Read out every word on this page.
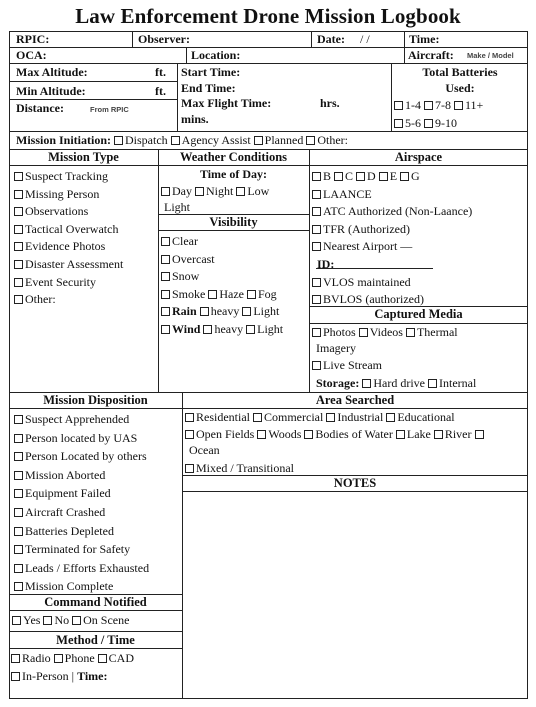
Law Enforcement Drone Mission Logbook
RPIC:	Observer:	Date: / /	Time:
OCA:	Location:	Aircraft: Make / Model
Max Altitude:	ft.
Min Altitude:	ft.
Distance:	From RPIC
Start Time:
End Time:
Max Flight Time:	hrs.
mins.
Total Batteries
Used:
1-4 7-8 11+
5-6 9-10
Mission Initiation: Dispatch Agency Assist Planned Other:
Mission Type	Weather Conditions	Airspace
Suspect Tracking
Missing Person
Observations
Tactical Overwatch
Evidence Photos
Disaster Assessment
Event Security
Other:
Time of Day:
Day Night Low
Light
Visibility
Clear
Overcast
Snow
Smoke Haze Fog
Rain heavy Light
Wind heavy Light
B C D E G
LAANCE
ATC Authorized (Non-Laance)
TFR (Authorized)
Nearest Airport —
ID:
VLOS maintained
BVLOS (authorized)
Captured Media
Photos Videos Thermal
Imagery
Live Stream
Storage: Hard drive Internal
Mission Disposition
Suspect Apprehended
Person located by UAS
Person Located by others
Mission Aborted
Equipment Failed
Aircraft Crashed
Batteries Depleted
Terminated for Safety
Leads / Efforts Exhausted
Mission Complete
Command Notified
Yes No On Scene
Method / Time
Radio Phone CAD
In-Person | Time:
Area Searched
Residential Commercial Industrial Educational
Open Fields Woods Bodies of Water Lake River
Ocean
Mixed / Transitional
NOTES
